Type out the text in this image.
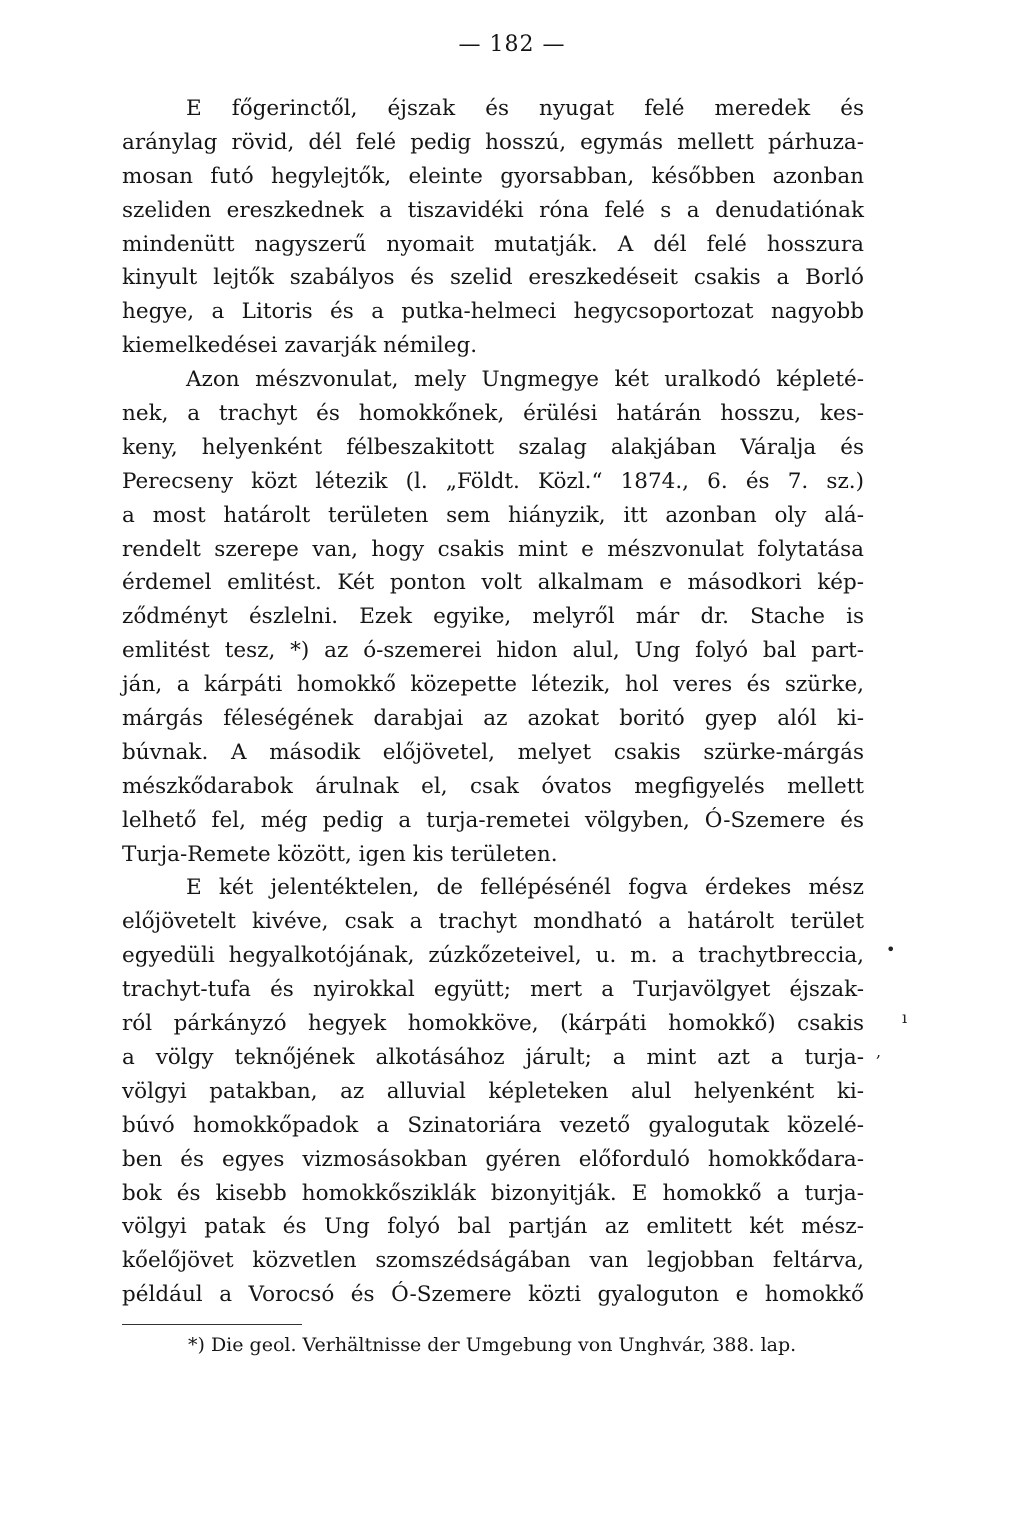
— 182 —
E főgerinctől, éjszak és nyugat felé meredek és
aránylag rövid, dél felé pedig hosszú, egymás mellett párhuza-
mosan futó hegylejtők, eleinte gyorsabban, későbben azonban
szeliden ereszkednek a tiszavidéki róna felé s a denudatiónak
mindenütt nagyszerű nyomait mutatják. A dél felé hosszura
kinyult lejtők szabályos és szelid ereszkedéseit csakis a Borló
hegye, a Litoris és a putka-helmeci hegycsoportozat nagyobb
kiemelkedései zavarják némileg.
Azon mészvonulat, mely Ungmegye két uralkodó képleté-
nek, a trachyt és homokkőnek, érülési határán hosszu, kes-
keny, helyenként félbeszakitott szalag alakjában Váralja és
Perecseny közt létezik (l. „Földt. Közl.“ 1874., 6. és 7. sz.)
a most határolt területen sem hiányzik, itt azonban oly alá-
rendelt szerepe van, hogy csakis mint e mészvonulat folytatása
érdemel emlitést. Két ponton volt alkalmam e másodkori kép-
ződményt észlelni. Ezek egyike, melyről már dr. Stache is
emlitést tesz, *) az ó-szemerei hidon alul, Ung folyó bal part-
ján, a kárpáti homokkő közepette létezik, hol veres és szürke,
márgás féleségének darabjai az azokat boritó gyep alól ki-
búvnak. A második előjövetel, melyet csakis szürke-márgás
mészkődarabok árulnak el, csak óvatos megfigyelés mellett
lelhető fel, még pedig a turja-remetei völgyben, Ó-Szemere és
Turja-Remete között, igen kis területen.
E két jelentéktelen, de fellépésénél fogva érdekes mész
előjövetelt kivéve, csak a trachyt mondható a határolt terület
egyedüli hegyalkotójának, zúzkőzeteivel, u. m. a trachytbreccia,
trachyt-tufa és nyirokkal együtt; mert a Turjavölgyet éjszak-
ról párkányzó hegyek homokköve, (kárpáti homokkő) csakis
a völgy teknőjének alkotásához járult; a mint azt a turja-
völgyi patakban, az alluvial képleteken alul helyenként ki-
búvó homokkőpadok a Szinatoriára vezető gyalogutak közelé-
ben és egyes vizmosásokban gyéren előforduló homokkődara-
bok és kisebb homokkősziklák bizonyitják. E homokkő a turja-
völgyi patak és Ung folyó bal partján az emlitett két mész-
kőelőjövet közvetlen szomszédságában van legjobban feltárva,
például a Vorocsó és Ó-Szemere közti gyaloguton e homokkő
•
ı
,
*) Die geol. Verhältnisse der Umgebung von Unghvár, 388. lap.
